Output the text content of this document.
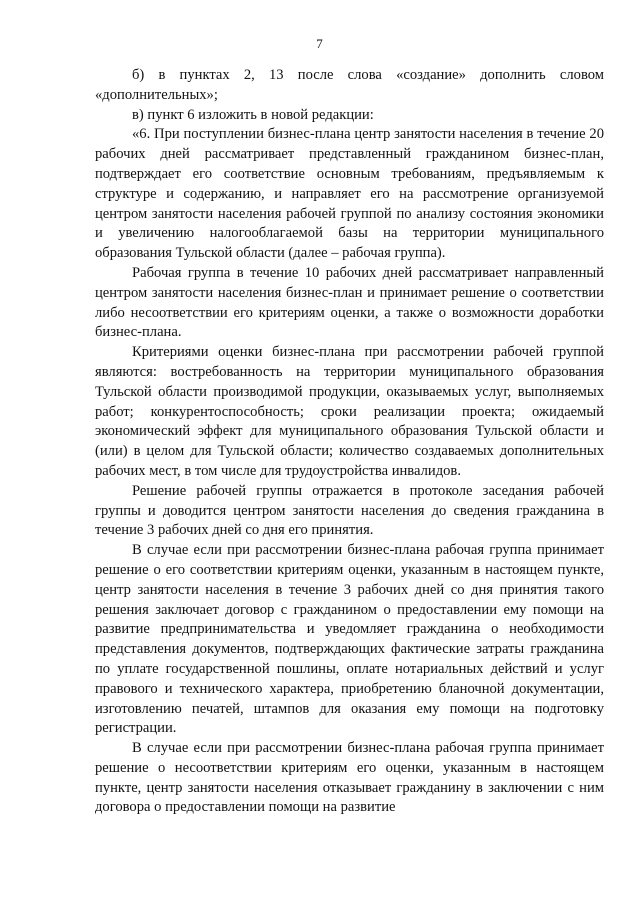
7

б) в пунктах 2, 13 после слова «создание» дополнить словом «дополнительных»;

в) пункт 6 изложить в новой редакции:

«6. При поступлении бизнес-плана центр занятости населения в течение 20 рабочих дней рассматривает представленный гражданином бизнес-план, подтверждает его соответствие основным требованиям, предъявляемым к структуре и содержанию, и направляет его на рассмотрение организуемой центром занятости населения рабочей группой по анализу состояния экономики и увеличению налогооблагаемой базы на территории муниципального образования Тульской области (далее – рабочая группа).

Рабочая группа в течение 10 рабочих дней рассматривает направленный центром занятости населения бизнес-план и принимает решение о соответствии либо несоответствии его критериям оценки, а также о возможности доработки бизнес-плана.

Критериями оценки бизнес-плана при рассмотрении рабочей группой являются: востребованность на территории муниципального образования Тульской области производимой продукции, оказываемых услуг, выполняемых работ; конкурентоспособность; сроки реализации проекта; ожидаемый экономический эффект для муниципального образования Тульской области и (или) в целом для Тульской области; количество создаваемых дополнительных рабочих мест, в том числе для трудоустройства инвалидов.

Решение рабочей группы отражается в протоколе заседания рабочей группы и доводится центром занятости населения до сведения гражданина в течение 3 рабочих дней со дня его принятия.

В случае если при рассмотрении бизнес-плана рабочая группа принимает решение о его соответствии критериям оценки, указанным в настоящем пункте, центр занятости населения в течение 3 рабочих дней со дня принятия такого решения заключает договор с гражданином о предоставлении ему помощи на развитие предпринимательства и уведомляет гражданина о необходимости представления документов, подтверждающих фактические затраты гражданина по уплате государственной пошлины, оплате нотариальных действий и услуг правового и технического характера, приобретению бланочной документации, изготовлению печатей, штампов для оказания ему помощи на подготовку регистрации.

В случае если при рассмотрении бизнес-плана рабочая группа принимает решение о несоответствии критериям его оценки, указанным в настоящем пункте, центр занятости населения отказывает гражданину в заключении с ним договора о предоставлении помощи на развитие
